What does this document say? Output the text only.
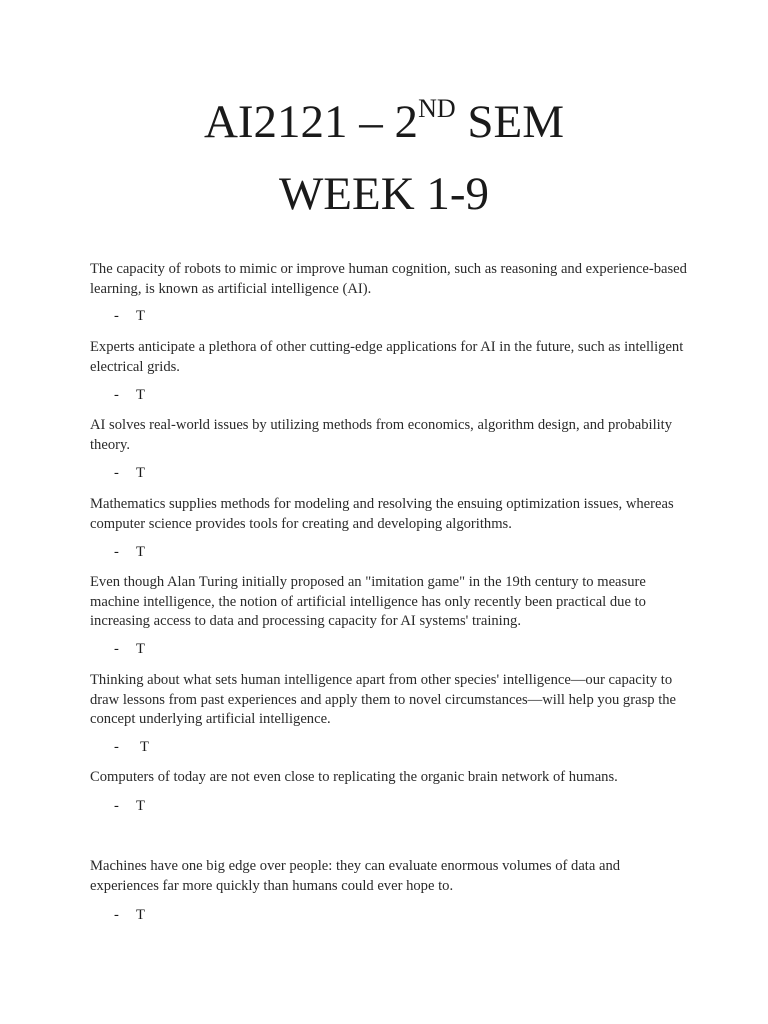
AI2121 – 2ND SEM
WEEK 1-9
The capacity of robots to mimic or improve human cognition, such as reasoning and experience-based learning, is known as artificial intelligence (AI).
- T
Experts anticipate a plethora of other cutting-edge applications for AI in the future, such as intelligent electrical grids.
- T
AI solves real-world issues by utilizing methods from economics, algorithm design, and probability theory.
- T
Mathematics supplies methods for modeling and resolving the ensuing optimization issues, whereas computer science provides tools for creating and developing algorithms.
- T
Even though Alan Turing initially proposed an "imitation game" in the 19th century to measure machine intelligence, the notion of artificial intelligence has only recently been practical due to increasing access to data and processing capacity for AI systems' training.
- T
Thinking about what sets human intelligence apart from other species' intelligence—our capacity to draw lessons from past experiences and apply them to novel circumstances—will help you grasp the concept underlying artificial intelligence.
- T
Computers of today are not even close to replicating the organic brain network of humans.
- T
Machines have one big edge over people: they can evaluate enormous volumes of data and experiences far more quickly than humans could ever hope to.
- T
